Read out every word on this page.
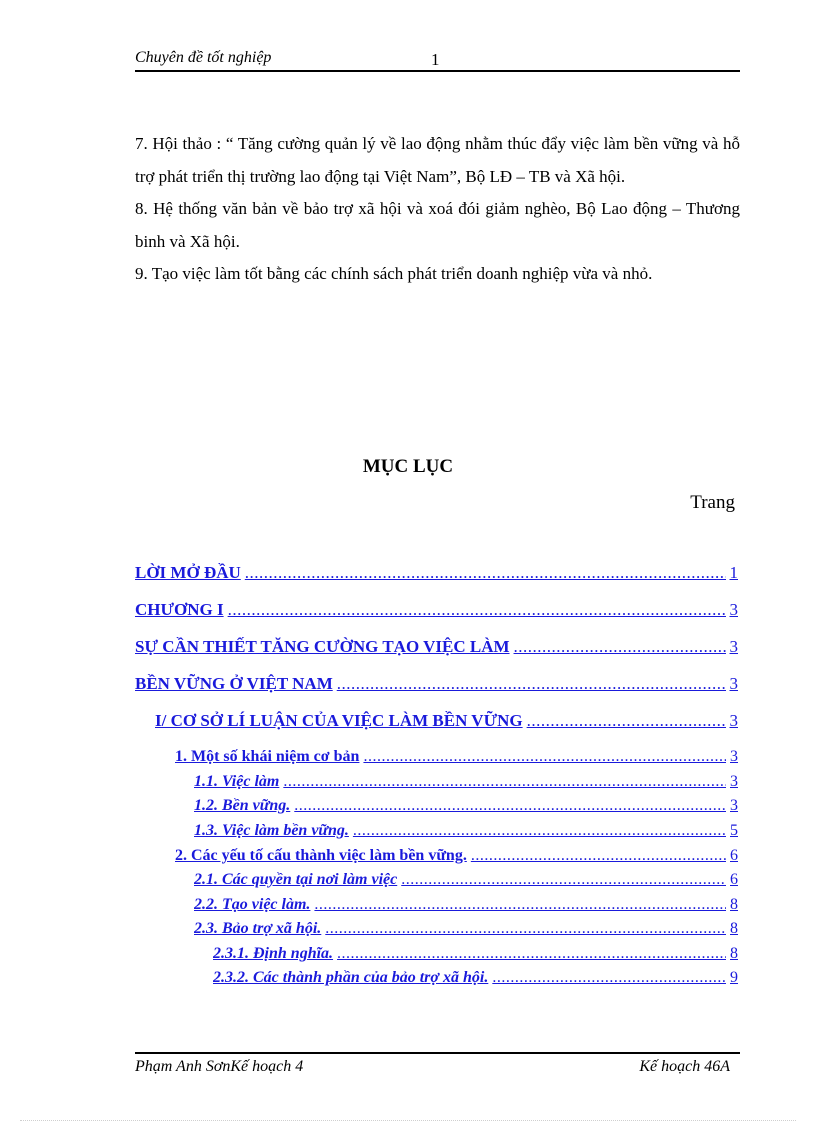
Chuyên đề tốt nghiệp	1

7. Hội thảo : “ Tăng cường quản lý về lao động nhằm thúc đẩy việc làm bền vững và hỗ trợ phát triển thị trường lao động tại Việt Nam”, Bộ LĐ – TB và Xã hội.

8. Hệ thống văn bản về bảo trợ xã hội và xoá đói giảm nghèo, Bộ Lao động – Thương binh và Xã hội.

9. Tạo việc làm tốt bằng các chính sách phát triển doanh nghiệp vừa và nhỏ.

MỤC LỤC
Trang
LỜI MỞ ĐẦU .....	1
CHƯƠNG I .....	3
SỰ CẦN THIẾT TĂNG CƯỜNG TẠO VIỆC LÀM .....	3
BỀN VỮNG Ở VIỆT NAM .....	3
I/ CƠ SỞ LÍ LUẬN CỦA VIỆC LÀM BỀN VỮNG .....	3
1. Một số khái niệm cơ bản .....	3
1.1. Việc làm .....	3
1.2. Bền vững. .....	3
1.3. Việc làm bền vững. .....	5
2. Các yếu tố cấu thành việc làm bền vững. .....	6
2.1. Các quyền tại nơi làm việc .....	6
2.2. Tạo việc làm. .....	8
2.3. Bảo trợ xã hội. .....	8
2.3.1. Định nghĩa. .....	8
2.3.2. Các thành phần của bảo trợ xã hội. .....	9
Phạm Anh SơnKế hoạch 4	Kế hoạch 46A
